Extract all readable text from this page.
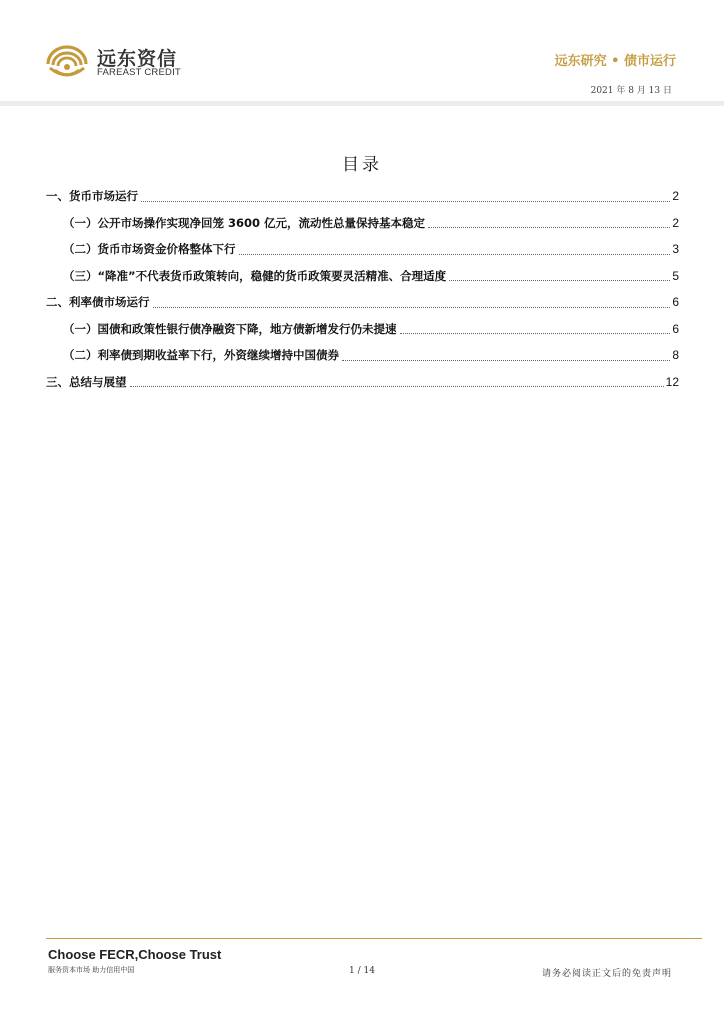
远东资信
FAREAST CREDIT
远东研究 • 债市运行
2021 年 8 月 13 日
目录
一、货币市场运行	2
（一）公开市场操作实现净回笼 3600 亿元，流动性总量保持基本稳定	2
（二）货币市场资金价格整体下行	3
（三）“降准”不代表货币政策转向，稳健的货币政策要灵活精准、合理适度	5
二、利率债市场运行	6
（一）国债和政策性银行债净融资下降，地方债新增发行仍未提速	6
（二）利率债到期收益率下行，外资继续增持中国债券	8
三、总结与展望	12
Choose FECR,Choose Trust
服务资本市场 助力信用中国	1 / 14	请务必阅读正文后的免责声明
